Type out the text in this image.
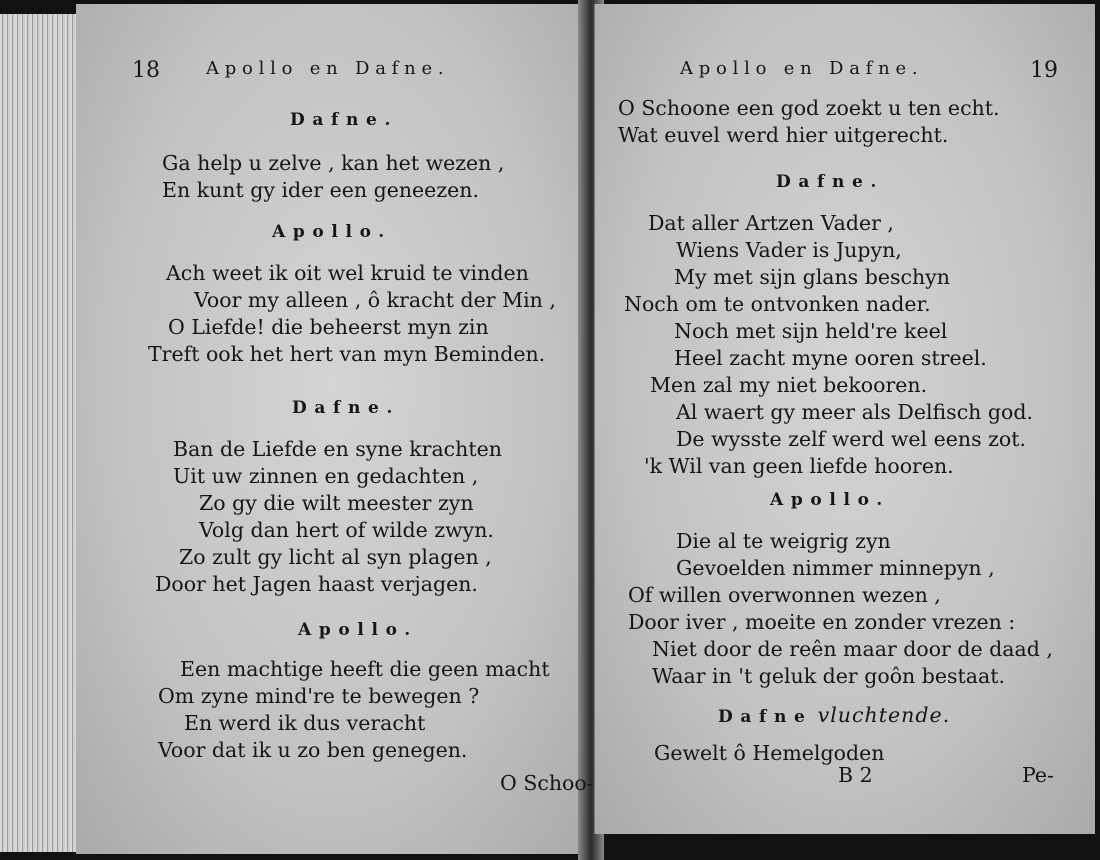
18	Apollo en Dafne.
Dafne.
Ga help u zelve , kan het wezen ,
En kunt gy ider een geneezen.
Apollo.
Ach weet ik oit wel kruid te vinden
Voor my alleen , ô kracht der Min ,
O Liefde! die beheerst myn zin
Treft ook het hert van myn Beminden.
Dafne.
Ban de Liefde en syne krachten
Uit uw zinnen en gedachten ,
Zo gy die wilt meester zyn
Volg dan hert of wilde zwyn.
Zo zult gy licht al syn plagen ,
Door het Jagen haast verjagen.
Apollo.
Een machtige heeft die geen macht
Om zyne mind're te bewegen ?
En werd ik dus veracht
Voor dat ik u zo ben genegen.
O Schoo-
Apollo en Dafne.	19
O Schoone een god zoekt u ten echt.
Wat euvel werd hier uitgerecht.
Dafne.
Dat aller Artzen Vader ,
Wiens Vader is Jupyn,
My met sijn glans beschyn
Noch om te ontvonken nader.
Noch met sijn held're keel
Heel zacht myne ooren streel.
Men zal my niet bekooren.
Al waert gy meer als Delfisch god.
De wysste zelf werd wel eens zot.
'k Wil van geen liefde hooren.
Apollo.
Die al te weigrig zyn
Gevoelden nimmer minnepyn ,
Of willen overwonnen wezen ,
Door iver , moeite en zonder vrezen :
Niet door de reên maar door de daad ,
Waar in 't geluk der goôn bestaat.
Dafne vluchtende.
Gewelt ô Hemelgoden
B 2	Pe-
